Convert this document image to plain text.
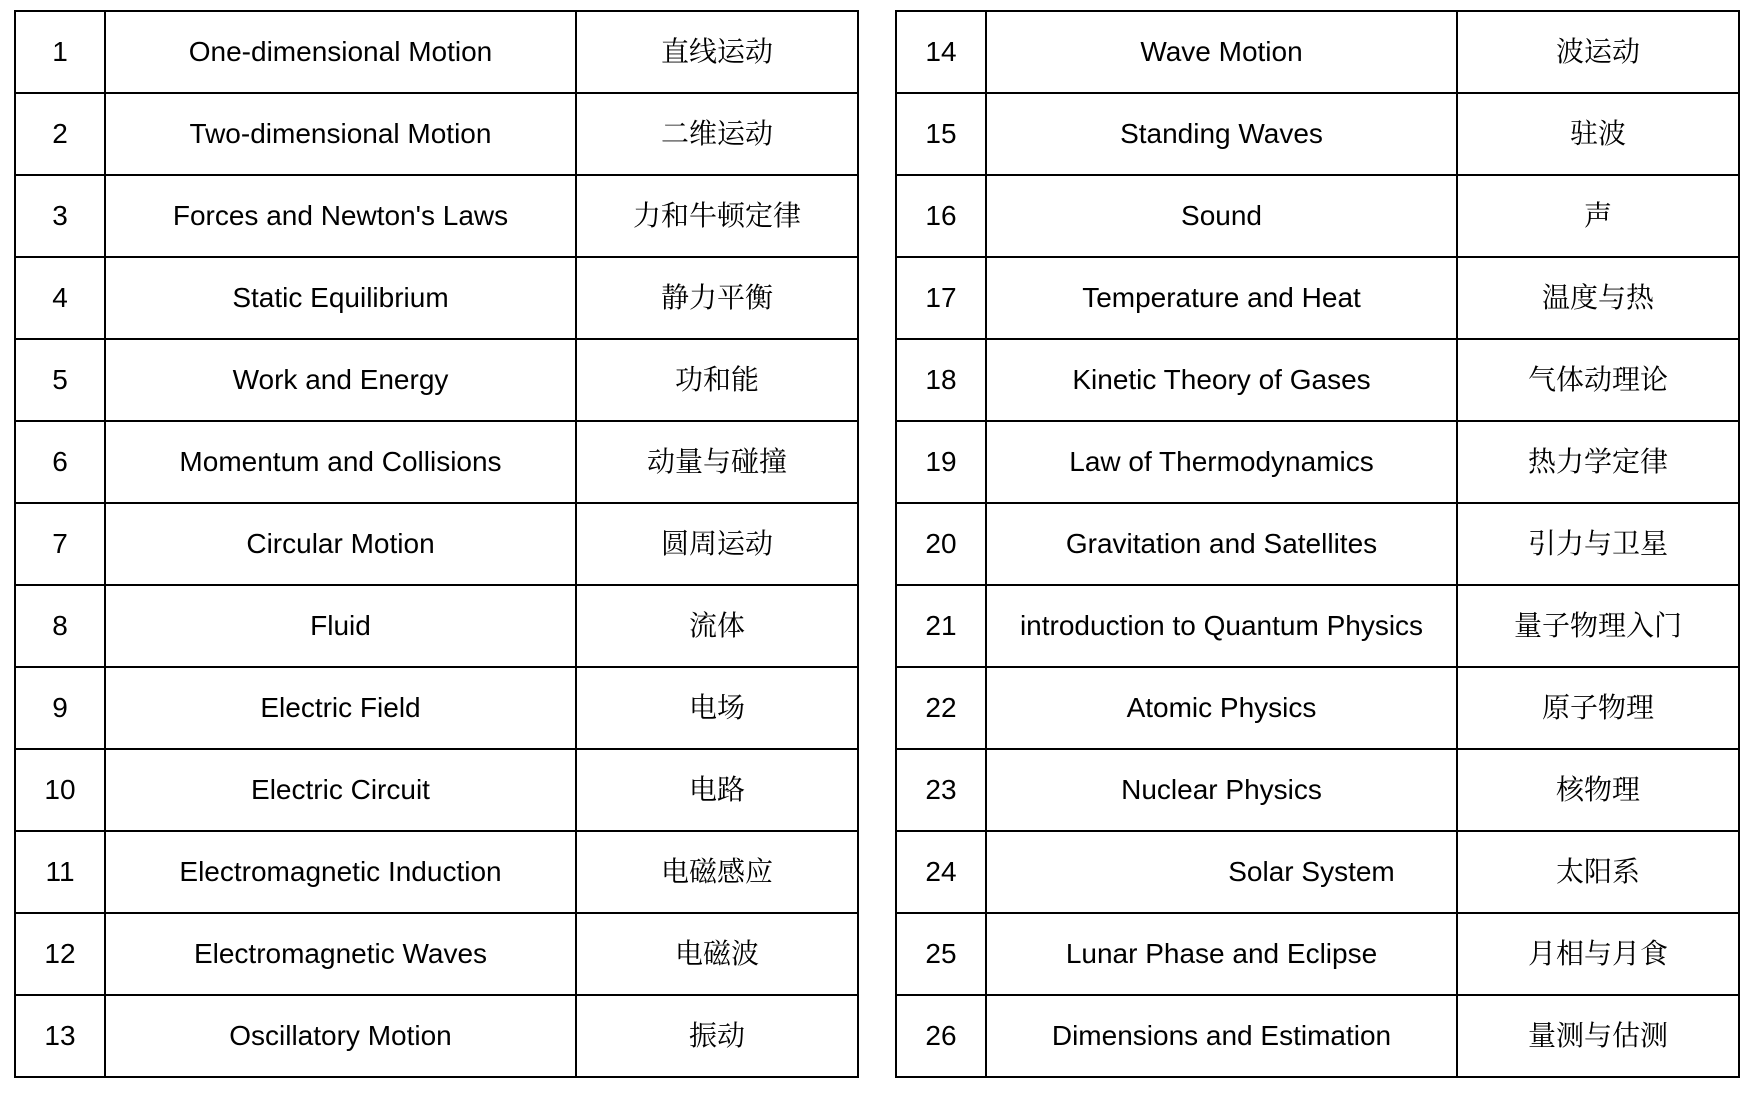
1	One-dimensional Motion	直线运动
2	Two-dimensional Motion	二维运动
3	Forces and Newton's Laws	力和牛顿定律
4	Static Equilibrium	静力平衡
5	Work and Energy	功和能
6	Momentum and Collisions	动量与碰撞
7	Circular Motion	圆周运动
8	Fluid	流体
9	Electric Field	电场
10	Electric Circuit	电路
11	Electromagnetic Induction	电磁感应
12	Electromagnetic Waves	电磁波
13	Oscillatory Motion	振动
14	Wave Motion	波运动
15	Standing Waves	驻波
16	Sound	声
17	Temperature and Heat	温度与热
18	Kinetic Theory of Gases	气体动理论
19	Law of Thermodynamics	热力学定律
20	Gravitation and Satellites	引力与卫星
21	introduction to Quantum Physics	量子物理入门
22	Atomic Physics	原子物理
23	Nuclear Physics	核物理
24	Solar System	太阳系
25	Lunar Phase and Eclipse	月相与月食
26	Dimensions and Estimation	量测与估测
